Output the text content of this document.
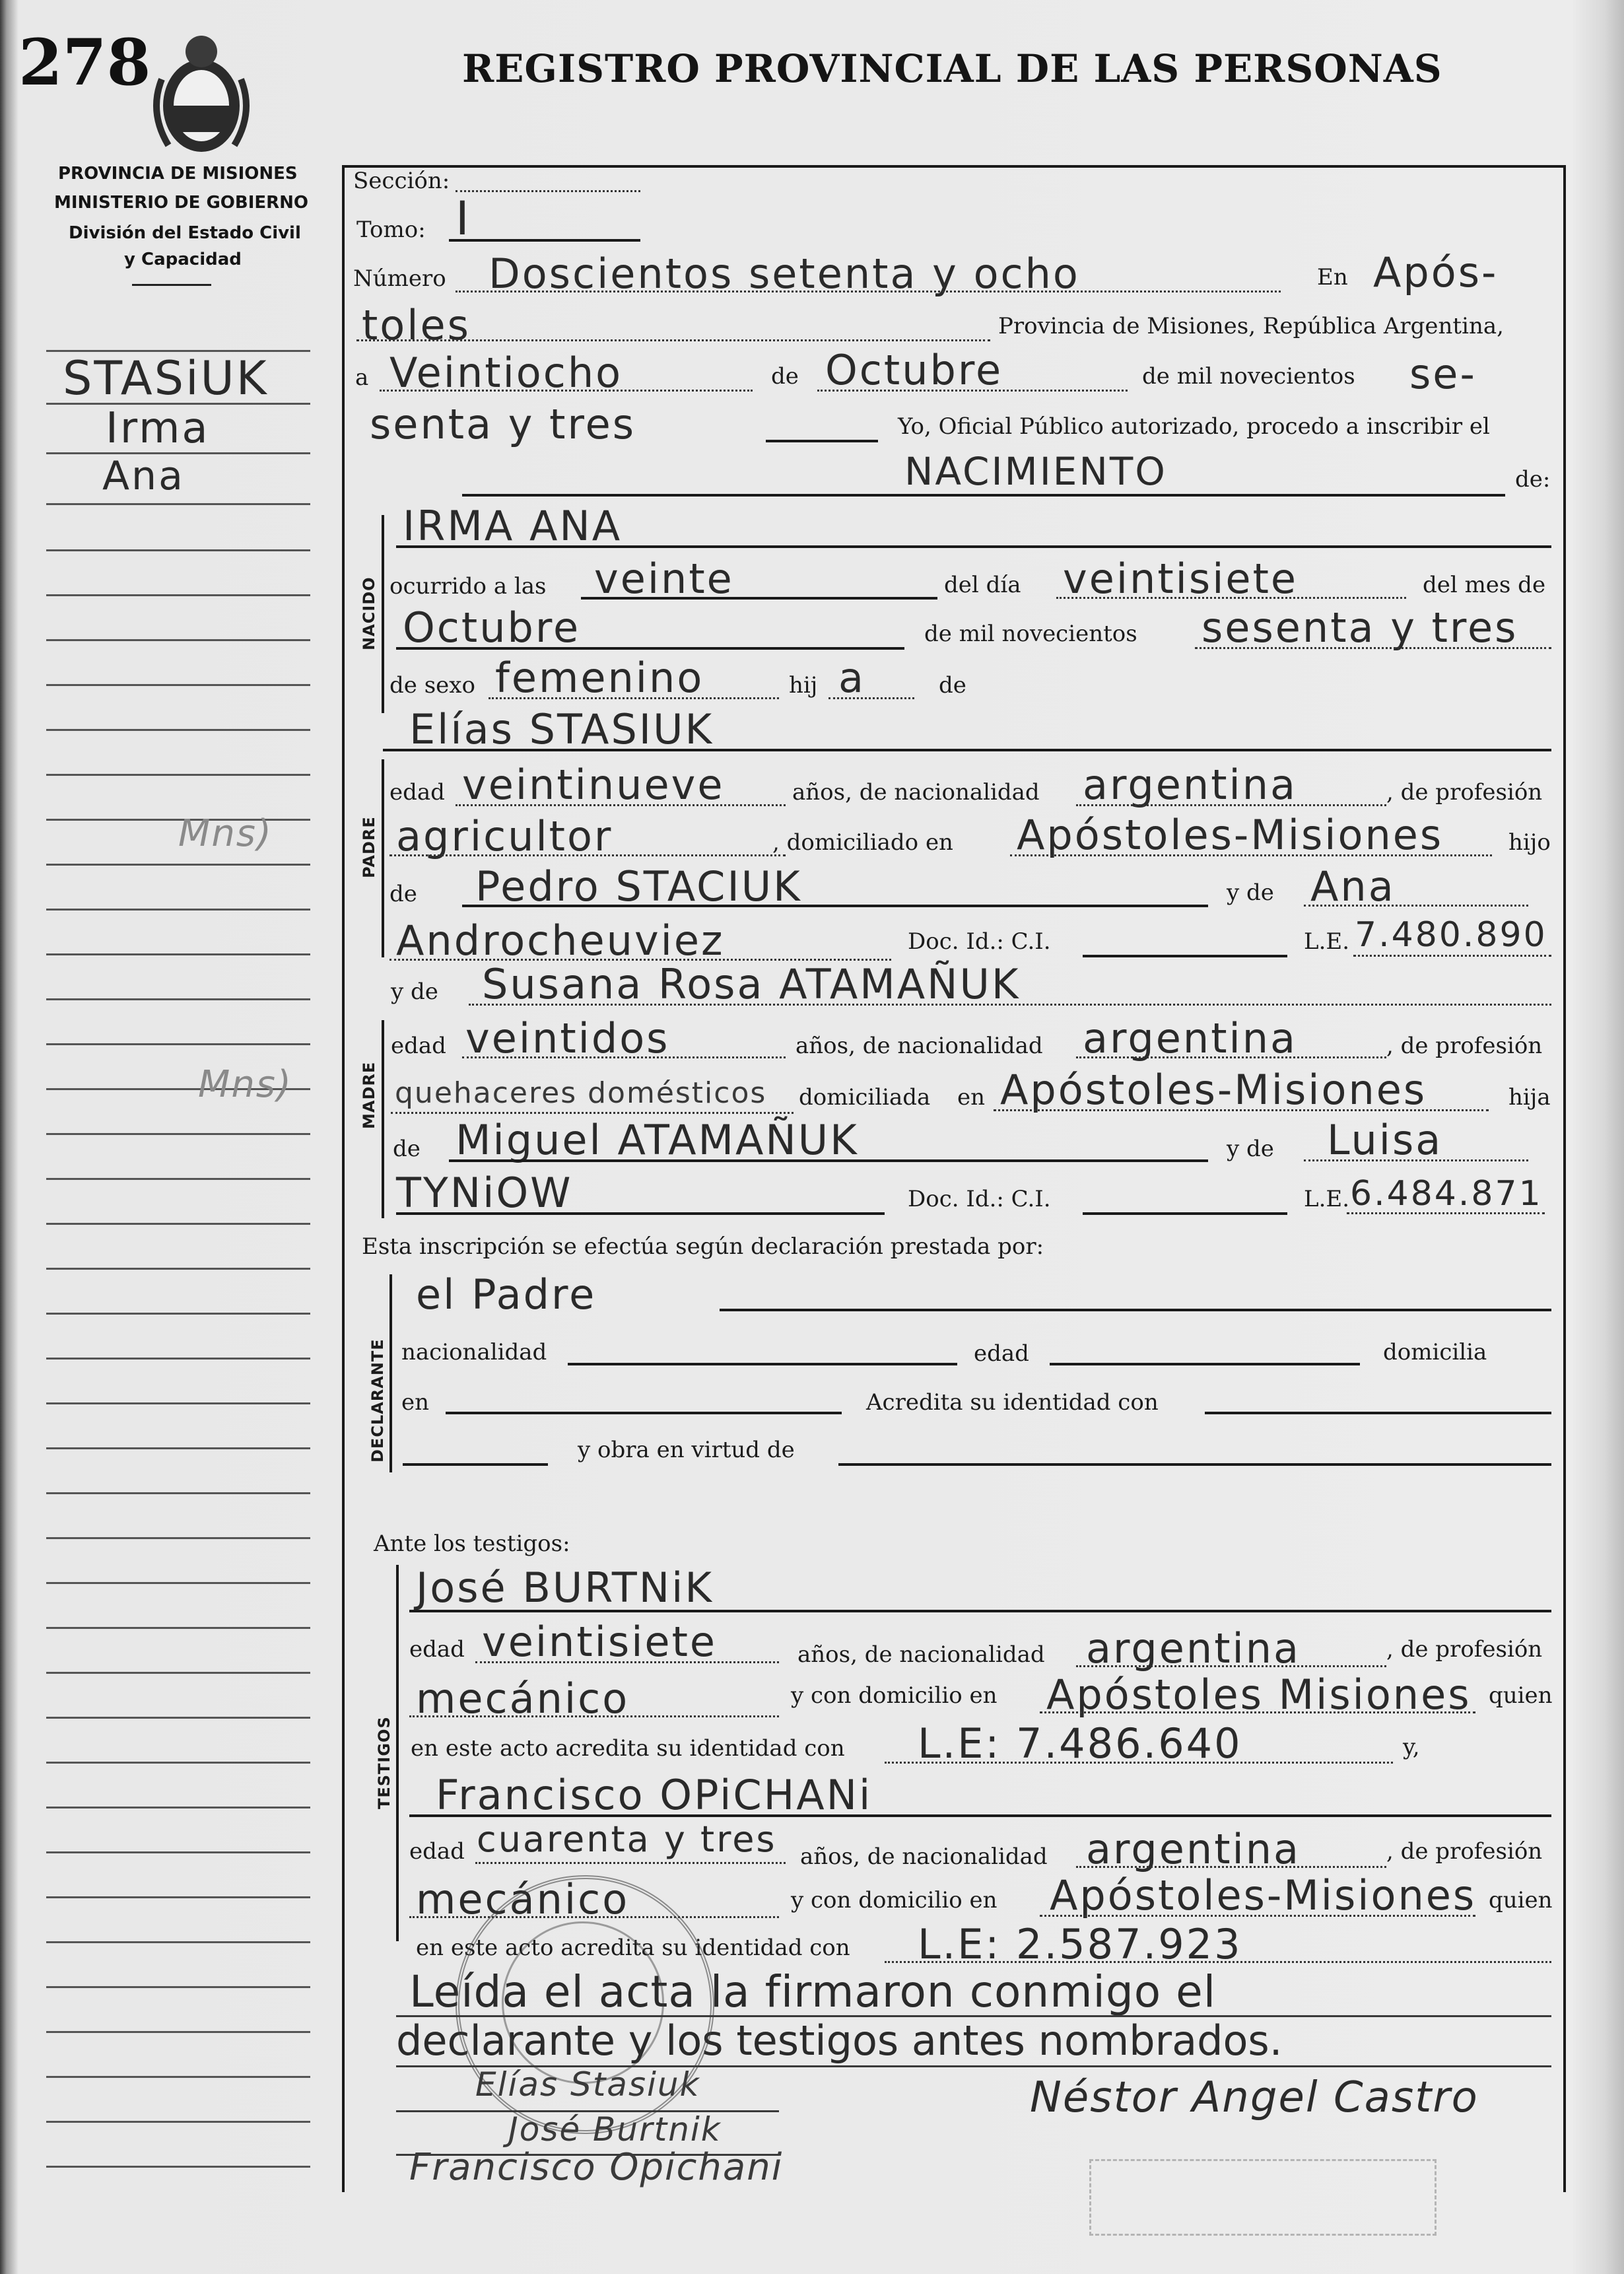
278	REGISTRO PROVINCIAL DE LAS PERSONAS
PROVINCIA DE MISIONES
MINISTERIO DE GOBIERNO
División del Estado Civil
y Capacidad
STASiUK
Irma
Ana
Mns)
Mns)
Sección:
Tomo: I
Número Doscientos setenta y ocho	En Após-
toles	Provincia de Misiones, República Argentina,
a Veintiocho	de Octubre	de mil novecientos se-
senta y tres	Yo, Oficial Público autorizado, procedo a inscribir el
NACIMIENTO	de:
NACIDO
IRMA ANA
ocurrido a las veinte	del día veintisiete	del mes de
Octubre	de mil novecientos sesenta y tres
de sexo femenino	hij a	de
Elías STASIUK
PADRE
edad veintinueve	años, de nacionalidad argentina	, de profesión
agricultor	, domiciliado en Apóstoles-Misiones	hijo
de Pedro STACIUK	y de Ana
Androcheuviez	Doc. Id.: C.I.	L.E. 7.480.890
y de Susana Rosa ATAMAÑUK
MADRE
edad veintidos	años, de nacionalidad argentina	, de profesión
quehaceres domésticos domiciliada en Apóstoles-Misiones	hija
de Miguel ATAMAÑUK	y de Luisa
TYNiOW	Doc. Id.: C.I.	L.E. 6.484.871
Esta inscripción se efectúa según declaración prestada por:
DECLARANTE
el Padre
nacionalidad	edad	domicilia
en	Acredita su identidad con
y obra en virtud de
Ante los testigos:
TESTIGOS
José BURTNiK
edad veintisiete	años, de nacionalidad argentina	, de profesión
mecánico	y con domicilio en Apóstoles Misiones quien
en este acto acredita su identidad con L.E: 7.486.640	y,
Francisco OPiCHANi
edad cuarenta y tres años, de nacionalidad argentina	, de profesión
mecánico	y con domicilio en Apóstoles-Misiones quien
en este acto acredita su identidad con L.E: 2.587.923
Leída el acta la firmaron conmigo el
declarante y los testigos antes nombrados.
Elías Stasiuk
José Burtnik
Francisco Opichani
Néstor Angel Castro
